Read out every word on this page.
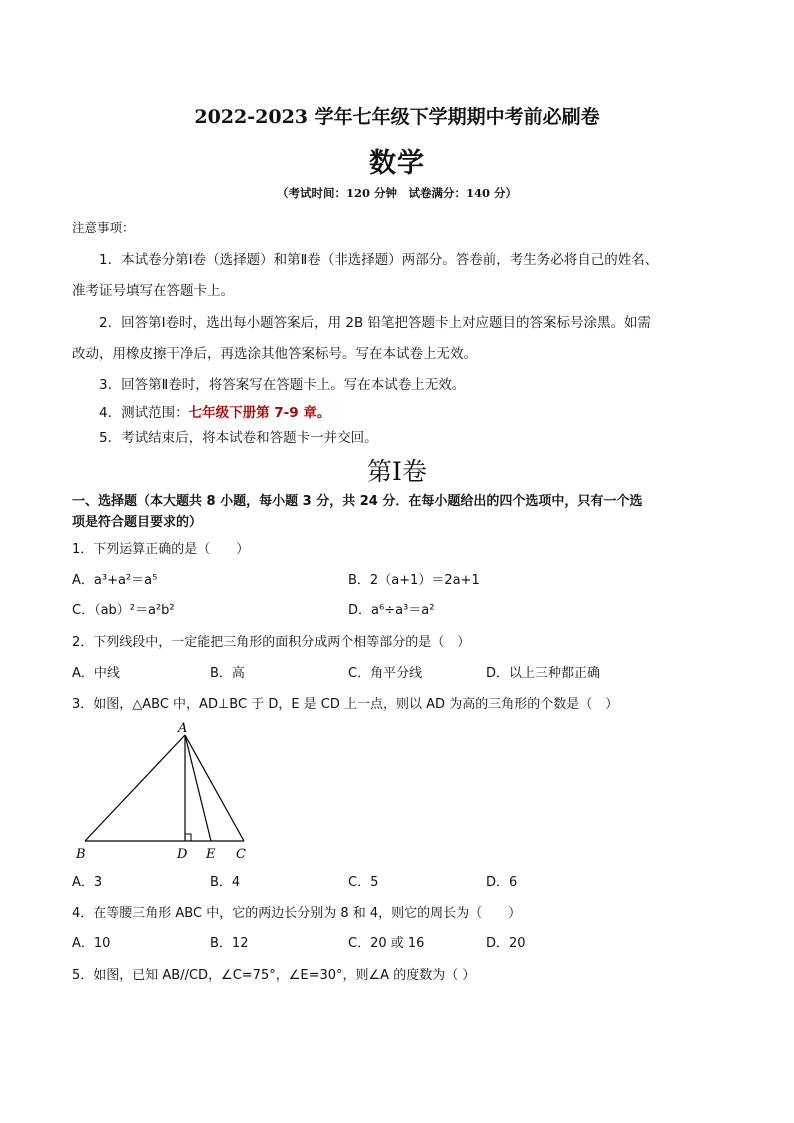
2022-2023 学年七年级下学期期中考前必刷卷
数学
（考试时间：120 分钟　试卷满分：140 分）
注意事项：
1．本试卷分第Ⅰ卷（选择题）和第Ⅱ卷（非选择题）两部分。答卷前，考生务必将自己的姓名、
准考证号填写在答题卡上。
2．回答第Ⅰ卷时，选出每小题答案后，用 2B 铅笔把答题卡上对应题目的答案标号涂黑。如需
改动，用橡皮擦干净后，再选涂其他答案标号。写在本试卷上无效。
3．回答第Ⅱ卷时，将答案写在答题卡上。写在本试卷上无效。
4．测试范围：七年级下册第 7-9 章。
5．考试结束后，将本试卷和答题卡一并交回。
第Ⅰ卷
一、选择题（本大题共 8 小题，每小题 3 分，共 24 分．在每小题给出的四个选项中，只有一个选
项是符合题目要求的）
1．下列运算正确的是（　　）
A．a³+a²＝a⁵	B．2（a+1）＝2a+1
C．（ab）²＝a²b²	D．a⁶÷a³＝a²
2．下列线段中，一定能把三角形的面积分成两个相等部分的是（　）
A．中线	B．高	C．角平分线	D．以上三种都正确
3．如图，△ABC 中，AD⊥BC 于 D，E 是 CD 上一点，则以 AD 为高的三角形的个数是（　）
A
B	D E C
A．3	B．4	C．5	D．6
4．在等腰三角形 ABC 中，它的两边长分别为 8 和 4，则它的周长为（　　）
A．10	B．12	C．20 或 16	D．20
5．如图，已知 AB//CD，∠C=75°，∠E=30°，则∠A 的度数为（ ）
